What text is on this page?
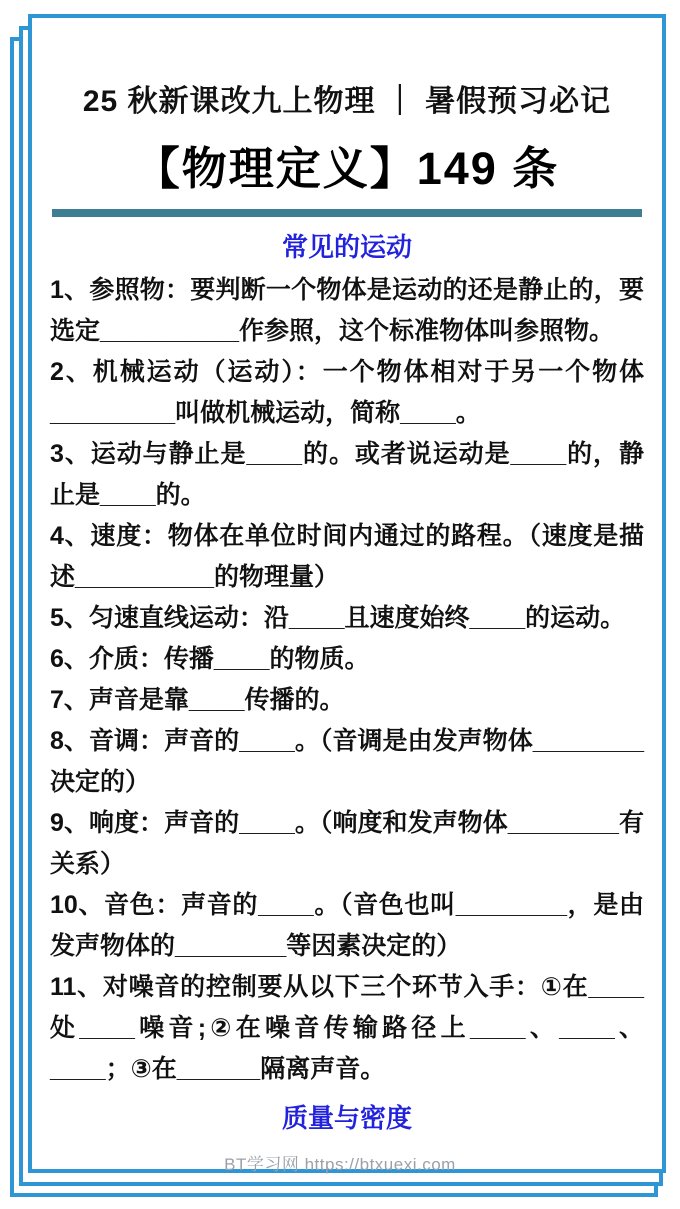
25 秋新课改九上物理 ｜ 暑假预习必记
【物理定义】149 条
常见的运动

1、参照物：要判断一个物体是运动的还是静止的，要选定__________作参照，这个标准物体叫参照物。

2、机械运动（运动）：一个物体相对于另一个物体_________叫做机械运动，简称____。

3、运动与静止是____的。或者说运动是____的，静止是____的。

4、速度：物体在单位时间内通过的路程。（速度是描述__________的物理量）

5、匀速直线运动：沿____且速度始终____的运动。

6、介质：传播____的物质。

7、声音是靠____传播的。

8、音调：声音的____。（音调是由发声物体________决定的）

9、响度：声音的____。（响度和发声物体________有关系）

10、音色：声音的____。（音色也叫________，是由发声物体的________等因素决定的）

11、对噪音的控制要从以下三个环节入手：①在____处____噪音;②在噪音传输路径上____、____、____；③在______隔离声音。

质量与密度
BT学习网 https://btxuexi.com
